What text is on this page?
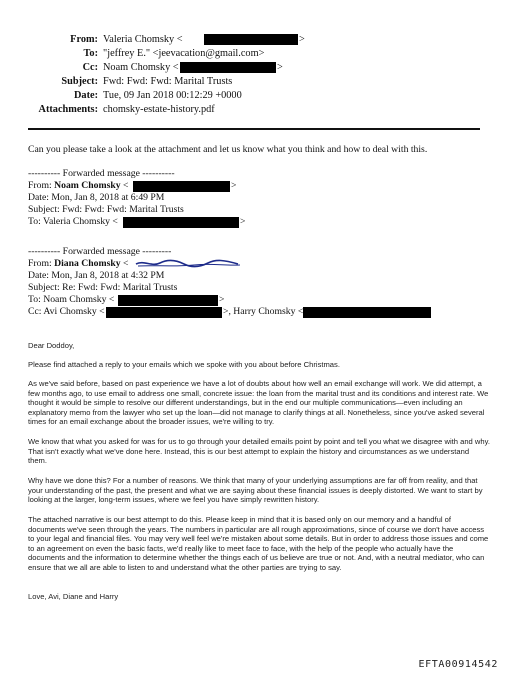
From: Valeria Chomsky <	>
To: "jeffrey E." <jeevacation@gmail.com>
Cc: Noam Chomsky <	>
Subject: Fwd: Fwd: Fwd: Marital Trusts
Date: Tue, 09 Jan 2018 00:12:29 +0000
Attachments: chomsky-estate-history.pdf
Can you please take a look at the attachment and let us know what you think and how to deal with this.
---------- Forwarded message ----------
From: Noam Chomsky <	>
Date: Mon, Jan 8, 2018 at 6:49 PM
Subject: Fwd: Fwd: Fwd: Marital Trusts
To: Valeria Chomsky <	>
---------- Forwarded message ---------
From: Diana Chomsky <
Date: Mon, Jan 8, 2018 at 4:32 PM
Subject: Re: Fwd: Fwd: Marital Trusts
To: Noam Chomsky <	>
Cc: Avi Chomsky <	>, Harry Chomsky <
Dear Doddoy,
Please find attached a reply to your emails which we spoke with you about before Christmas.
As we've said before, based on past experience we have a lot of doubts about how well an email exchange will work. We did attempt, a few months ago, to use email to address one small, concrete issue: the loan from the marital trust and its conditions and interest rate. We thought it would be simple to resolve our different understandings, but in the end our multiple communications—even including an explanatory memo from the lawyer who set up the loan—did not manage to clarify things at all. Nonetheless, since you've asked several times for an email exchange about the broader issues, we're willing to try.
We know that what you asked for was for us to go through your detailed emails point by point and tell you what we disagree with and why. That isn't exactly what we've done here. Instead, this is our best attempt to explain the history and circumstances as we understand them.
Why have we done this? For a number of reasons. We think that many of your underlying assumptions are far off from reality, and that your understanding of the past, the present and what we are saying about these financial issues is deeply distorted. We want to start by looking at the larger, long-term issues, where we feel you have simply rewritten history.
The attached narrative is our best attempt to do this. Please keep in mind that it is based only on our memory and a handful of documents we've seen through the years. The numbers in particular are all rough approximations, since of course we don't have access to your legal and financial files. You may very well feel we're mistaken about some details. But in order to address those issues and come to an agreement on even the basic facts, we'd really like to meet face to face, with the help of the people who actually have the documents and the information to determine whether the things each of us believe are true or not. And, with a neutral mediator, who can ensure that we all are able to listen to and understand what the other parties are trying to say.
Love, Avi, Diane and Harry
EFTA00914542
